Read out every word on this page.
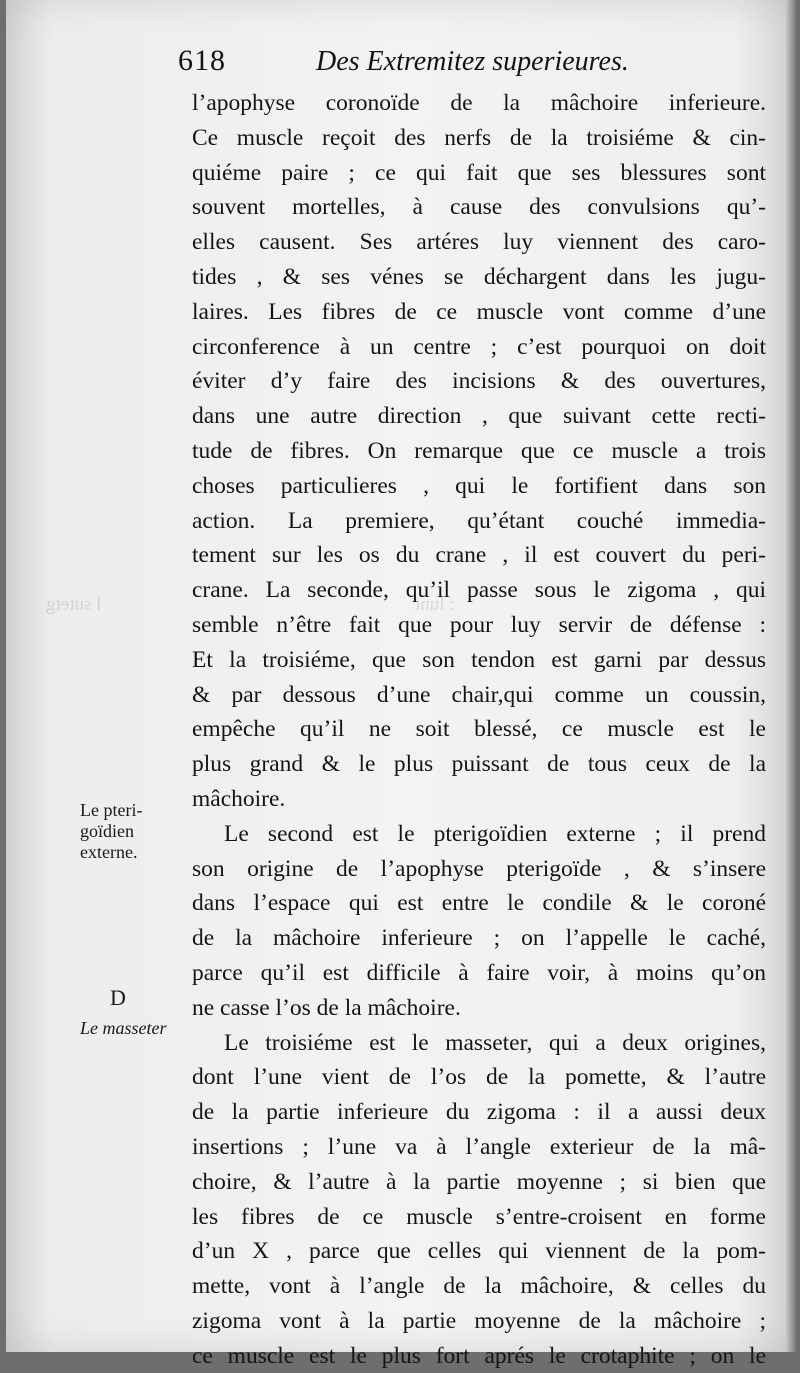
: lunt                                                                  l sutetg
618	Des Extremitez superieures.
l’apophyse coronoïde de la mâchoire inferieure.
Ce muscle reçoit des nerfs de la troisiéme & cin-
quiéme paire ; ce qui fait que ses blessures sont
souvent mortelles, à cause des convulsions qu’-
elles causent. Ses artéres luy viennent des caro-
tides , & ses vénes se déchargent dans les jugu-
laires. Les fibres de ce muscle vont comme d’une
circonference à un centre ; c’est pourquoi on doit
éviter d’y faire des incisions & des ouvertures,
dans une autre direction , que suivant cette recti-
tude de fibres. On remarque que ce muscle a trois
choses particulieres , qui le fortifient dans son
action. La premiere, qu’étant couché immedia-
tement sur les os du crane , il est couvert du peri-
crane. La seconde, qu’il passe sous le zigoma , qui
semble n’être fait que pour luy servir de défense :
Et la troisiéme, que son tendon est garni par dessus
& par dessous d’une chair,qui comme un coussin,
empêche qu’il ne soit blessé, ce muscle est le
plus grand & le plus puissant de tous ceux de la
mâchoire.
Le second est le pterigoïdien externe ; il prend
son origine de l’apophyse pterigoïde , & s’insere
dans l’espace qui est entre le condile & le coroné
de la mâchoire inferieure ; on l’appelle le caché,
parce qu’il est difficile à faire voir, à moins qu’on
ne casse l’os de la mâchoire.
Le troisiéme est le masseter, qui a deux origines,
dont l’une vient de l’os de la pomette, & l’autre
de la partie inferieure du zigoma : il a aussi deux
insertions ; l’une va à l’angle exterieur de la mâ-
choire, & l’autre à la partie moyenne ; si bien que
les fibres de ce muscle s’entre-croisent en forme
d’un X , parce que celles qui viennent de la pom-
mette, vont à l’angle de la mâchoire, & celles du
zigoma vont à la partie moyenne de la mâchoire ;
ce muscle est le plus fort aprés le crotaphite ; on le
Le pteri-
goïdien
externe.
D
Le masseter
